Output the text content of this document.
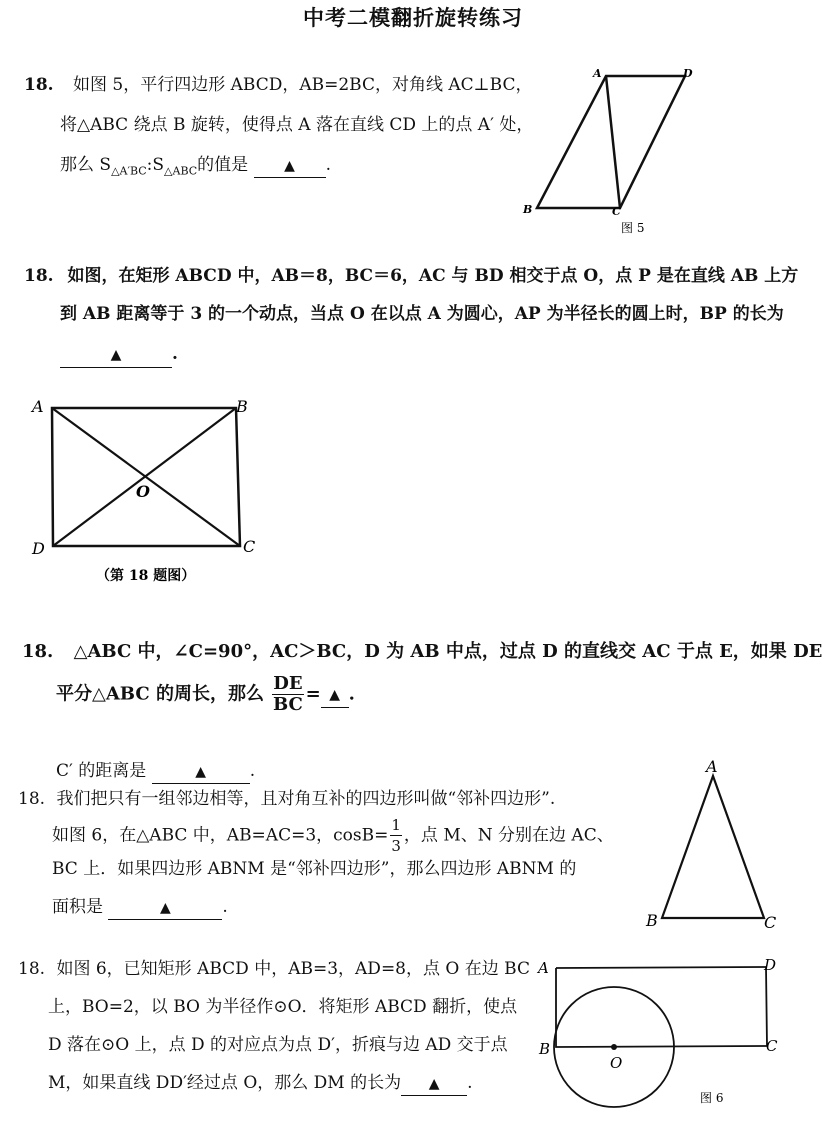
中考二模翻折旋转练习
18. 如图 5，平行四边形 ABCD，AB=2BC，对角线 AC⊥BC，
将△ABC 绕点 B 旋转，使得点 A 落在直线 CD 上的点 A′ 处，
那么 $S_{\triangle A'BC}:S_{\triangle ABC}$的值是	▲ .
A	D
B	C
图 5
18. 如图，在矩形 ABCD 中，AB＝8，BC＝6，AC 与 BD 相交于点 O，点 P 是在直线 AB 上方
到 AB 距离等于 3 的一个动点，当点 O 在以点 A 为圆心，AP 为半径长的圆上时，BP 的长为
▲	.
A	B
D	C
O
（第 18 题图）
18. △ABC 中，∠C=90°，AC＞BC，D 为 AB 中点，过点 D 的直线交 AC 于点 E，如果 DE
平分△ABC 的周长，那么 $\frac{DE}{BC}$ = ▲ .
C′ 的距离是	▲	.
18. 我们把只有一组邻边相等，且对角互补的四边形叫做“邻补四边形”.
如图 6，在△ABC 中，AB=AC=3，$\cos B= \frac{1}{3}$ ，点 M、N 分别在边 AC、
BC 上．如果四边形 ABNM 是“邻补四边形”，那么四边形 ABNM 的
面积是	▲	.
A
B	C
18. 如图 6，已知矩形 ABCD 中，AB=3，AD=8，点 O 在边 BC
上，BO=2，以 BO 为半径作⊙O．将矩形 ABCD 翻折，使点
D 落在⊙O 上，点 D 的对应点为点 D′，折痕与边 AD 交于点
M，如果直线 DD′经过点 O，那么 DM 的长为 ▲ .
A	D
B	C
O
图 6
